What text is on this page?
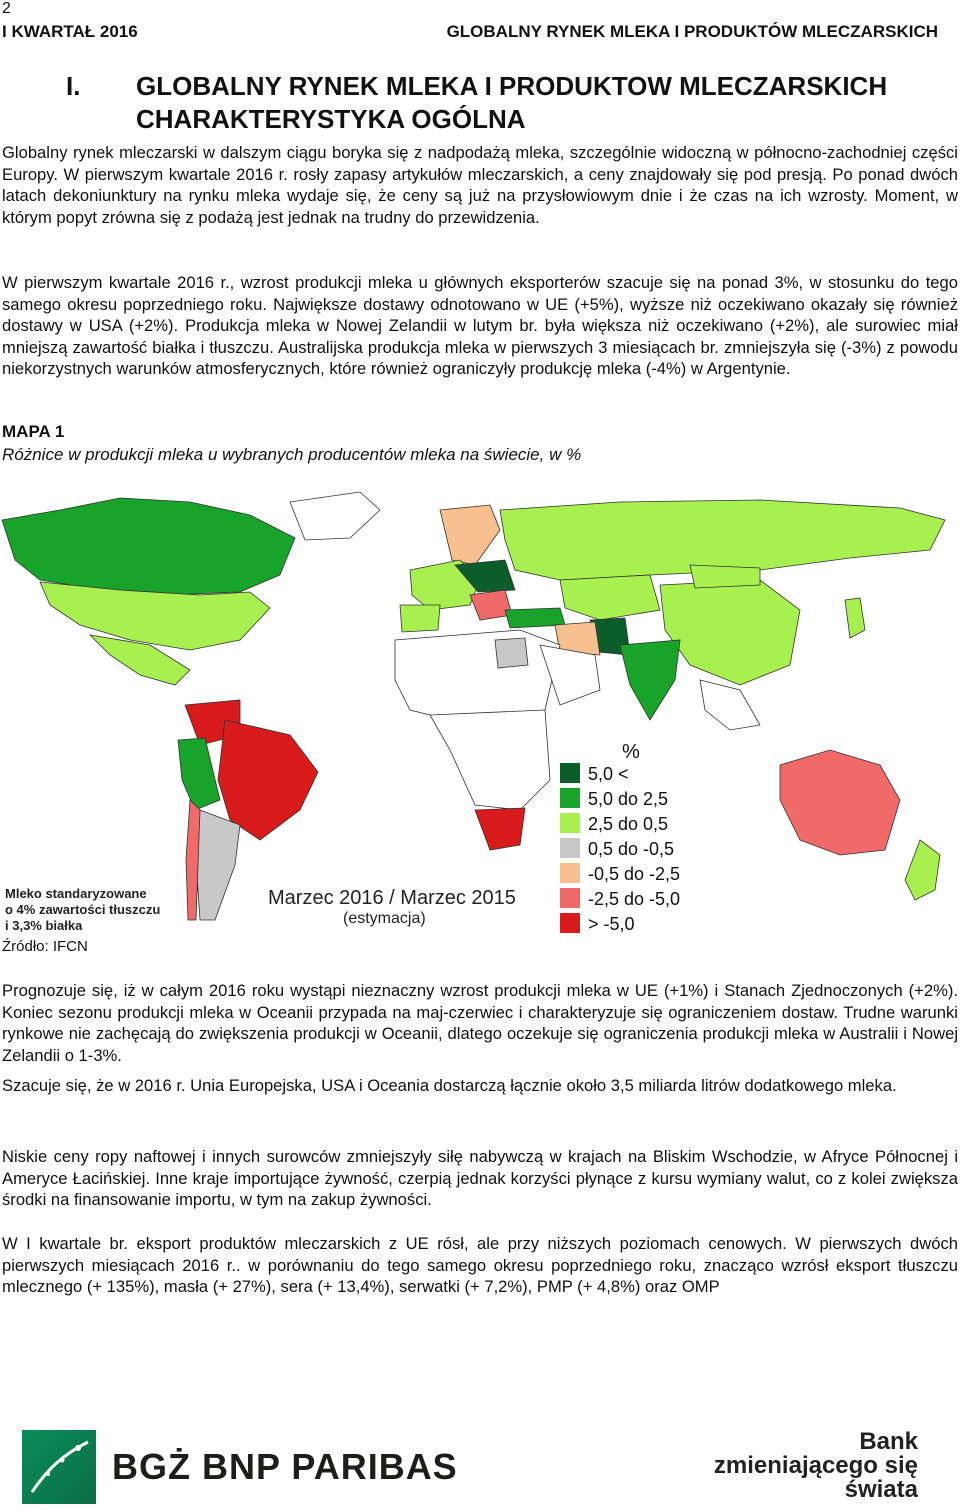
2
I KWARTAŁ 2016	GLOBALNY RYNEK MLEKA I PRODUKTÓW MLECZARSKICH
I. GLOBALNY RYNEK MLEKA I PRODUKTOW MLECZARSKICH
CHARAKTERYSTYKA OGÓLNA

Globalny rynek mleczarski w dalszym ciągu boryka się z nadpodażą mleka, szczególnie widoczną w północno-zachodniej części Europy. W pierwszym kwartale 2016 r. rosły zapasy artykułów mleczarskich, a ceny znajdowały się pod presją. Po ponad dwóch latach dekoniunktury na rynku mleka wydaje się, że ceny są już na przysłowiowym dnie i że czas na ich wzrosty. Moment, w którym popyt zrówna się z podażą jest jednak na trudny do przewidzenia.

W pierwszym kwartale 2016 r., wzrost produkcji mleka u głównych eksporterów szacuje się na ponad 3%, w stosunku do tego samego okresu poprzedniego roku. Największe dostawy odnotowano w UE (+5%), wyższe niż oczekiwano okazały się również dostawy w USA (+2%). Produkcja mleka w Nowej Zelandii w lutym br. była większa niż oczekiwano (+2%), ale surowiec miał mniejszą zawartość białka i tłuszczu. Australijska produkcja mleka w pierwszych 3 miesiącach br. zmniejszyła się (-3%) z powodu niekorzystnych warunków atmosferycznych, które również ograniczyły produkcję mleka (-4%) w Argentynie.

MAPA 1
Różnice w produkcji mleka u wybranych producentów mleka na świecie, w %
%
5,0 <
5,0 do 2,5
2,5 do 0,5
0,5 do -0,5
-0,5 do -2,5
-2,5 do -5,0
> -5,0
Mleko standaryzowane
o 4% zawartości tłuszczu
i 3,3% białka
Marzec 2016 / Marzec 2015
(estymacja)
Źródło: IFCN

Prognozuje się, iż w całym 2016 roku wystąpi nieznaczny wzrost produkcji mleka w UE (+1%) i Stanach Zjednoczonych (+2%). Koniec sezonu produkcji mleka w Oceanii przypada na maj-czerwiec i charakteryzuje się ograniczeniem dostaw. Trudne warunki rynkowe nie zachęcają do zwiększenia produkcji w Oceanii, dlatego oczekuje się ograniczenia produkcji mleka w Australii i Nowej Zelandii o 1-3%.

Szacuje się, że w 2016 r. Unia Europejska, USA i Oceania dostarczą łącznie około 3,5 miliarda litrów dodatkowego mleka.

Niskie ceny ropy naftowej i innych surowców zmniejszyły siłę nabywczą w krajach na Bliskim Wschodzie, w Afryce Północnej i Ameryce Łacińskiej. Inne kraje importujące żywność, czerpią jednak korzyści płynące z kursu wymiany walut, co z kolei zwiększa środki na finansowanie importu, w tym na zakup żywności.

W I kwartale br. eksport produktów mleczarskich z UE rósł, ale przy niższych poziomach cenowych. W pierwszych dwóch pierwszych miesiącach 2016 r.. w porównaniu do tego samego okresu poprzedniego roku, znacząco wzrósł eksport tłuszczu mlecznego (+ 135%), masła (+ 27%), sera (+ 13,4%), serwatki (+ 7,2%), PMP (+ 4,8%) oraz OMP

BGŻ BNP PARIBAS
Bank
zmieniającego się
świata
